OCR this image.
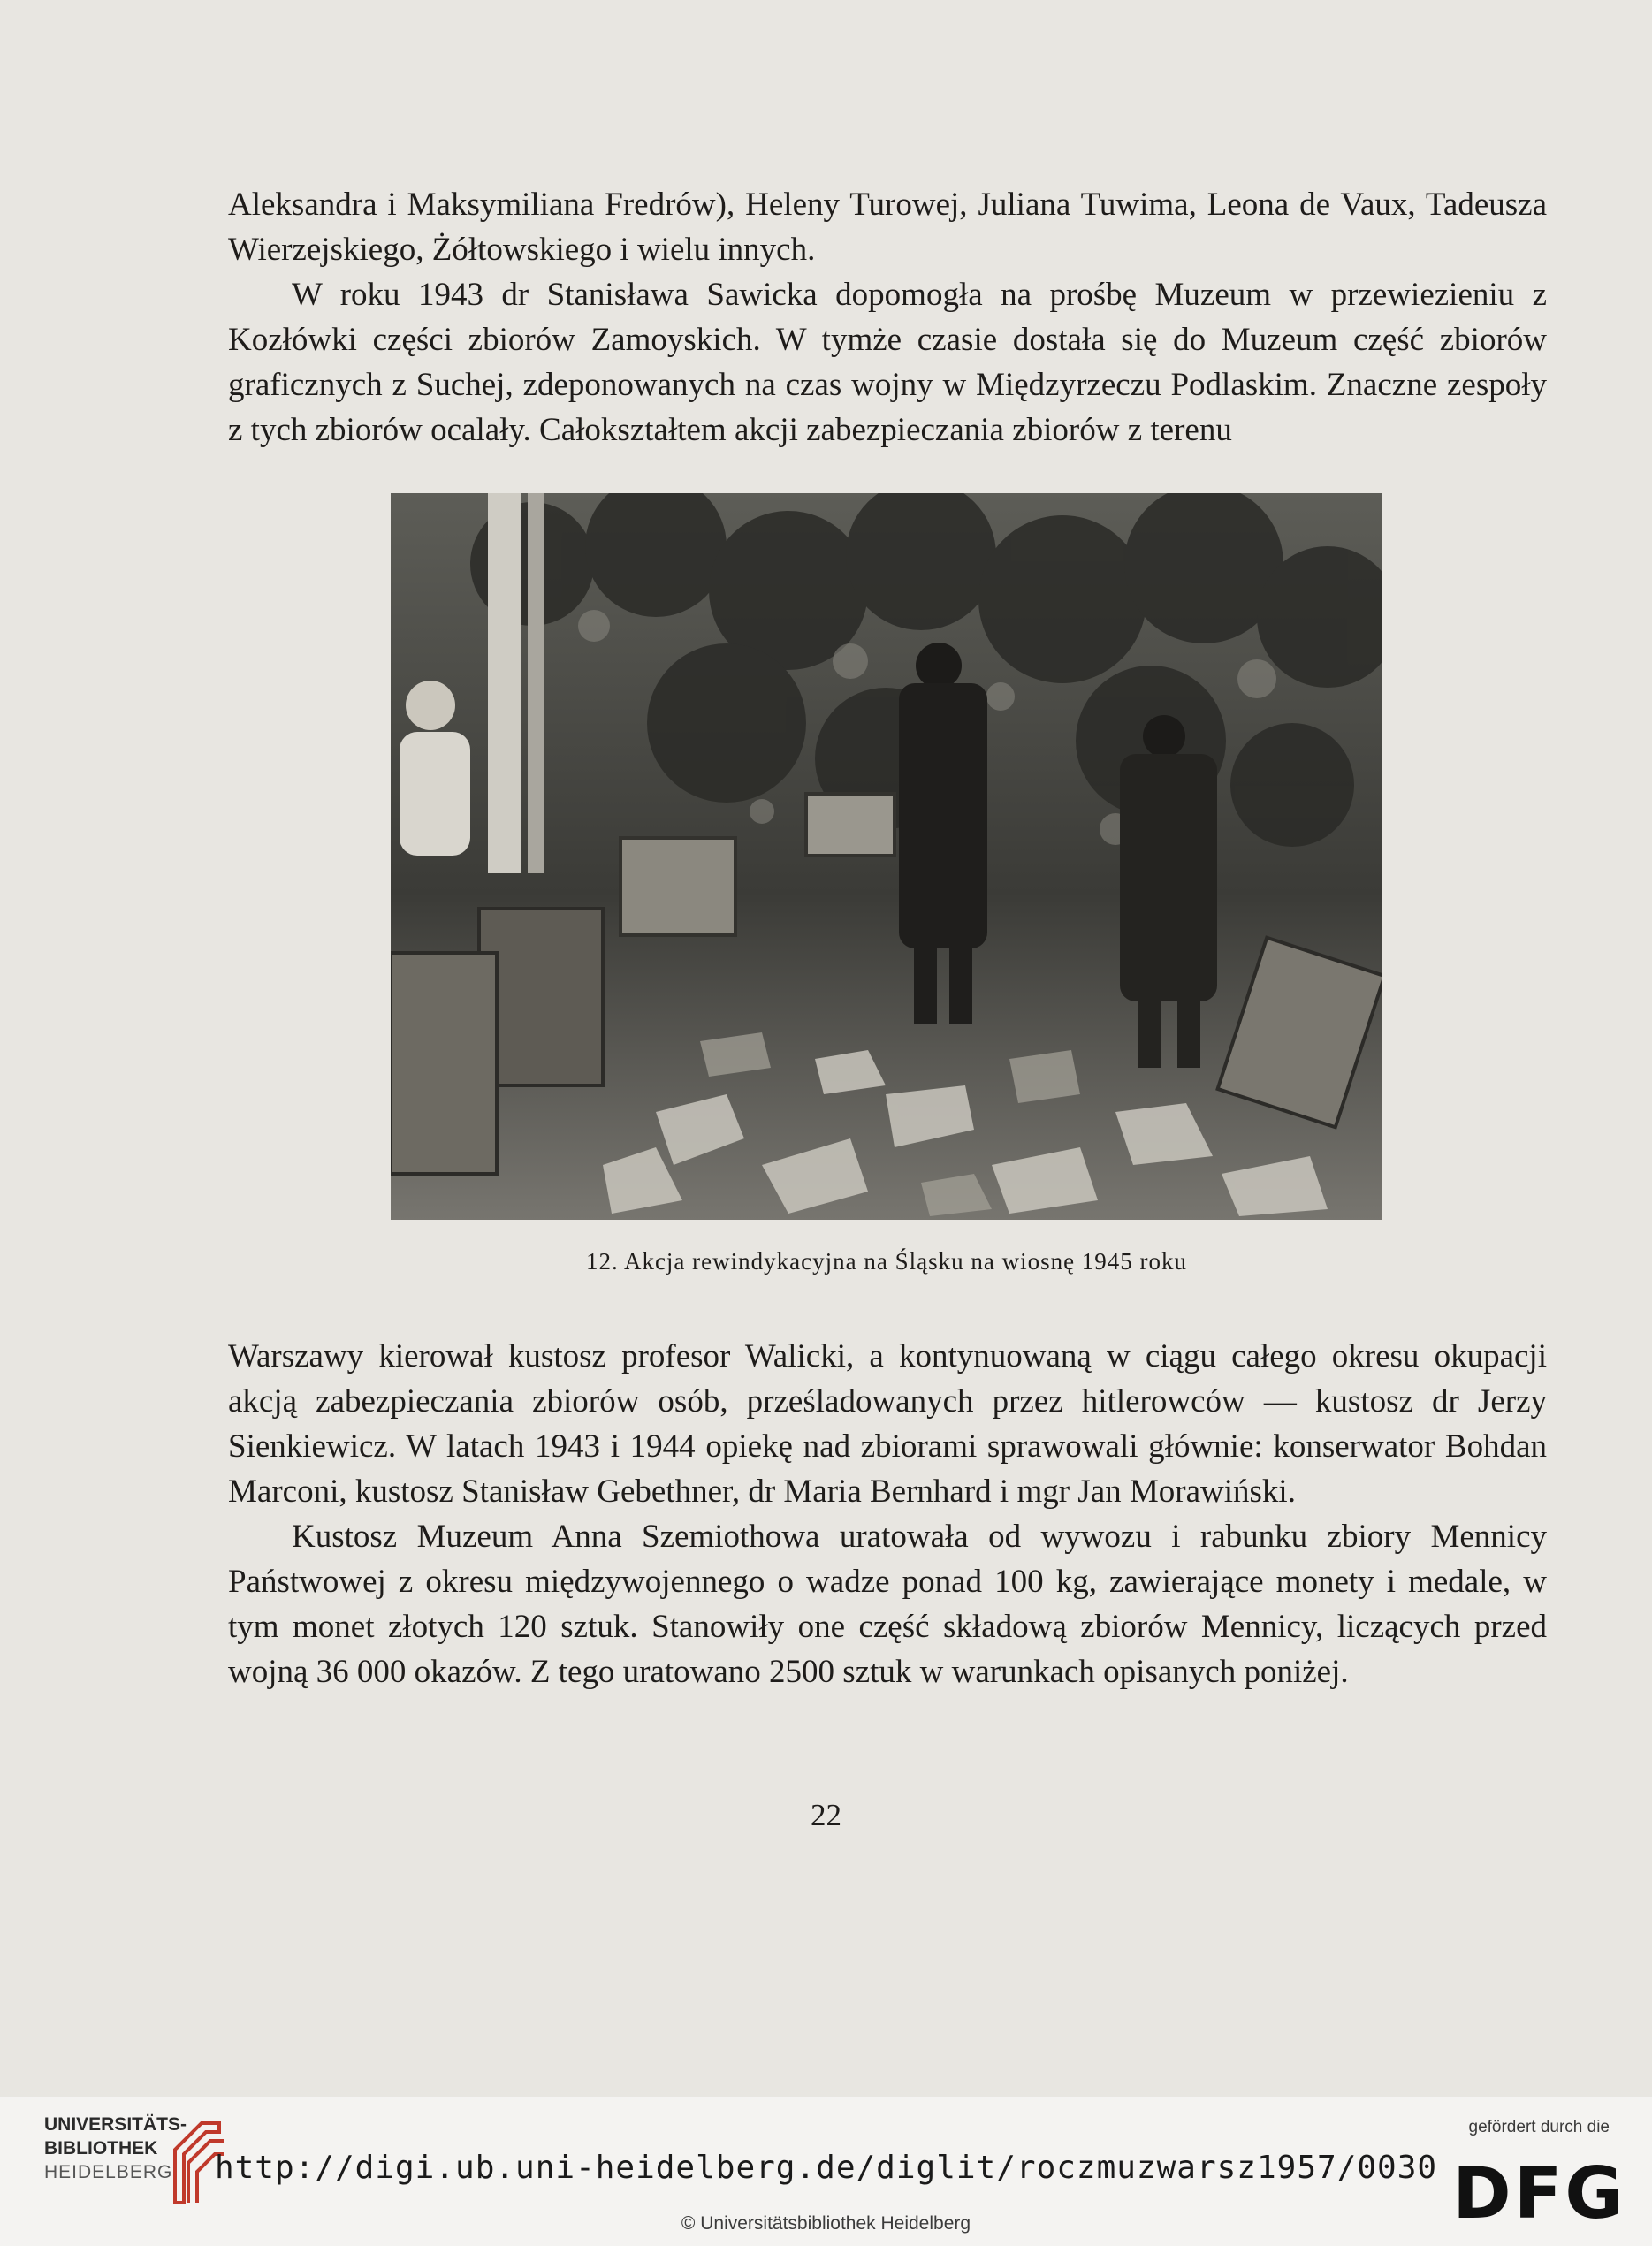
Aleksandra i Maksymiliana Fredrów), Heleny Turowej, Juliana Tuwima, Leona de Vaux, Tadeusza Wierzejskiego, Żółtowskiego i wielu innych.

W roku 1943 dr Stanisława Sawicka dopomogła na prośbę Muzeum w przewiezieniu z Kozłówki części zbiorów Zamoyskich. W tymże czasie dostała się do Muzeum część zbiorów graficznych z Suchej, zdeponowanych na czas wojny w Międzyrzeczu Podlaskim. Znaczne zespoły z tych zbiorów ocalały. Całokształtem akcji zabezpieczania zbiorów z terenu

12. Akcja rewindykacyjna na Śląsku na wiosnę 1945 roku

Warszawy kierował kustosz profesor Walicki, a kontynuowaną w ciągu całego okresu okupacji akcją zabezpieczania zbiorów osób, prześladowanych przez hitlerowców — kustosz dr Jerzy Sienkiewicz. W latach 1943 i 1944 opiekę nad zbiorami sprawowali głównie: konserwator Bohdan Marconi, kustosz Stanisław Gebethner, dr Maria Bernhard i mgr Jan Morawiński.

Kustosz Muzeum Anna Szemiothowa uratowała od wywozu i rabunku zbiory Mennicy Państwowej z okresu międzywojennego o wadze ponad 100 kg, zawierające monety i medale, w tym monet złotych 120 sztuk. Stanowiły one część składową zbiorów Mennicy, liczących przed wojną 36 000 okazów. Z tego uratowano 2500 sztuk w warunkach opisanych poniżej.

22
UNIVERSITÄTS-
BIBLIOTHEK
HEIDELBERG	http://digi.ub.uni-heidelberg.de/diglit/roczmuzwarsz1957/0030
© Universitätsbibliothek Heidelberg
gefördert durch die
DFG
